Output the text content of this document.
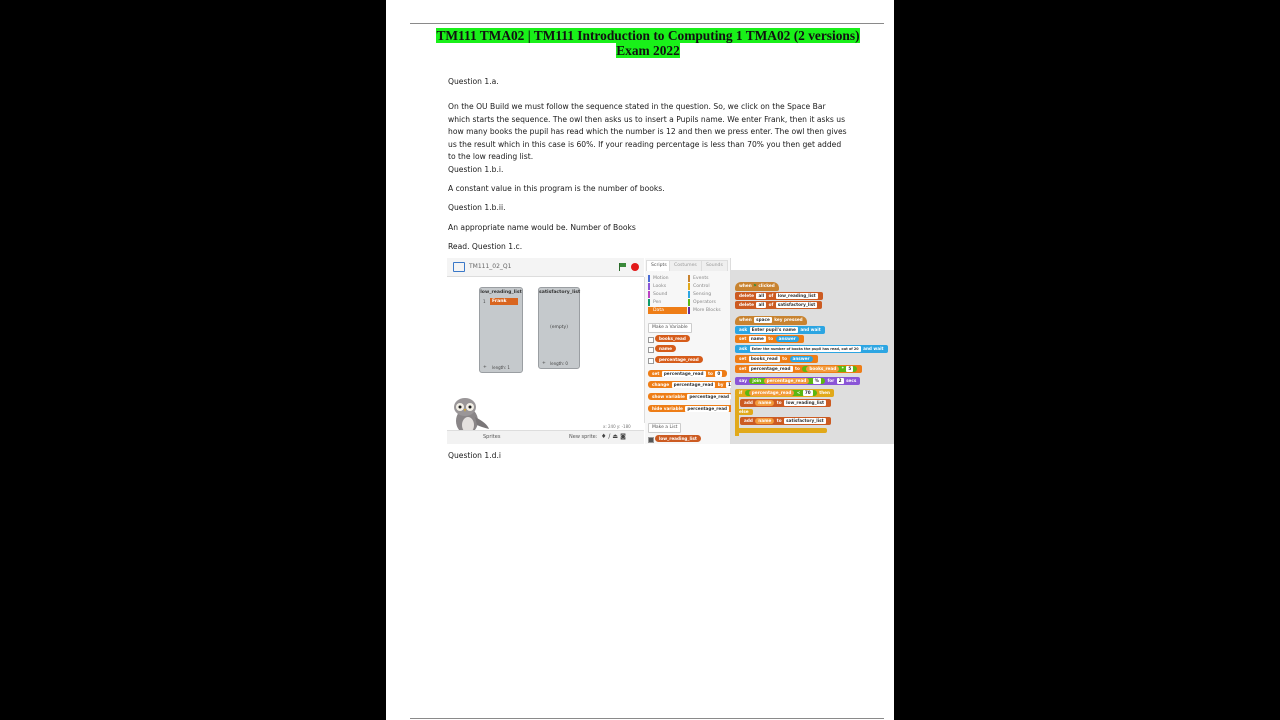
TM111 TMA02 | TM111 Introduction to Computing 1 TMA02 (2 versions)
Exam 2022

Question 1.a.

On the OU Build we must follow the sequence stated in the question. So, we click on the Space Bar which starts the sequence. The owl then asks us to insert a Pupils name. We enter Frank, then it asks us how many books the pupil has read which the number is 12 and then we press enter. The owl then gives us the result which in this case is 60%. If your reading percentage is less than 70% you then get added to the low reading list.

Question 1.b.i.

A constant value in this program is the number of books.

Question 1.b.ii.

An appropriate name would be. Number of Books

Read. Question 1.c.

Question 1.d.i

TM111_02_Q1
low_reading_list
1	Frank
+	length: 1
satisfactory_list
(empty)
+	length: 0
x: 240 y: -180
Sprites	New sprite: ♦/⏏◙
Scripts	Costumes	Sounds
Motion
Looks
Sound
Pen
Data
Events
Control
Sensing
Operators
More Blocks
Make a Variable
books_read
name
percentage_read
set percentage_read to 0
change percentage_read by 1
show variable percentage_read
hide variable percentage_read
Make a List
low_reading_list
when ⚑ clicked
delete all of low_reading_list
delete all of satisfactory_list
when space key pressed
ask Enter pupil's name and wait
set name to answer
ask Enter the number of books the pupil has read, out of 20 and wait
set books_read to answer
set percentage_read to books_read * 5
say join percentage_read % for 2 secs
if percentage_read < 70 then
add name to low_reading_list
else
add name to satisfactory_list
